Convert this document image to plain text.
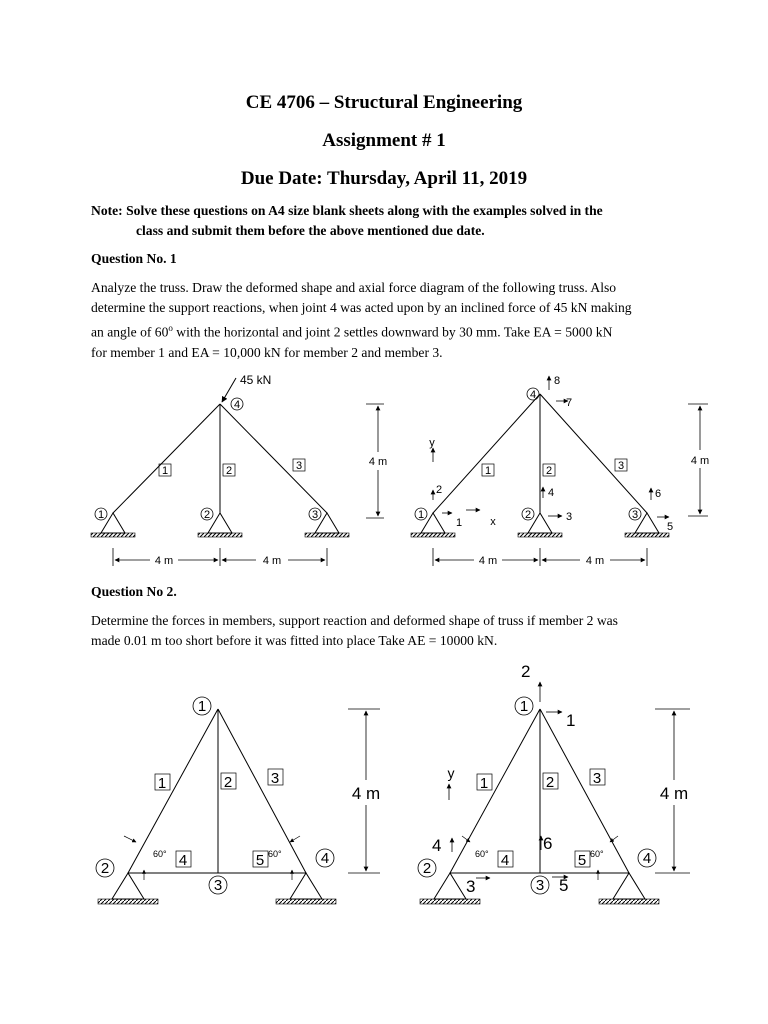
CE 4706 – Structural Engineering
Assignment # 1
Due Date: Thursday, April 11, 2019
Note: Solve these questions on A4 size blank sheets along with the examples solved in the
class and submit them before the above mentioned due date.
Question No. 1
Analyze the truss. Draw the deformed shape and axial force diagram of the following truss. Also
determine the support reactions, when joint 4 was acted upon by an inclined force of 45 kN making
an angle of 60$^o$ with the horizontal and joint 2 settles downward by 30 mm. Take EA = 5000 kN
for member 1 and EA = 10,000 kN for member 2 and member 3.
Question No 2.
Determine the forces in members, support reaction and deformed shape of truss if member 2 was
made 0.01 m too short before it was fitted into place Take AE = 10000 kN.
45 kN
4
1	2	3
1	2	3	4 m
4 m	4 m
4
1	2	3
1	2	3
y
x
2
1
4
3
6
5
8
7
4 m
4 m	4 m
1
2
3
4
1	2	3
4	5
60°	60°
4 m
1
2
3
4
1	2	3
4	5
60°	60°
y
2
1
4
3
6
5
4 m
